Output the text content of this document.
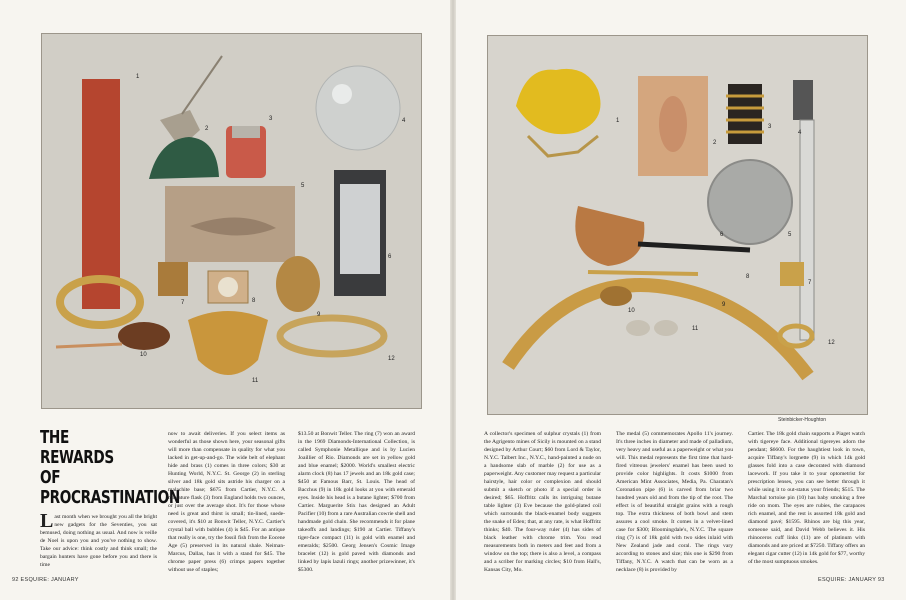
1
2
3	4
5
6
7	8
9
10
11
12
1
2
3
4
5
6
7
8
9
10
11
12
Steinbicker-Houghton
THE REWARDS OF PROCRASTINATION
Last month when we brought you all the bright new gadgets for the Seventies, you sat bemused, doing nothing as usual. And now is veille de Noel is upon you and you've nothing to show. Take our advice: think costly and think small; the bargain hunters have gone before you and there is time
now to await deliveries. If you select items as wonderful as those shown here, your seasonal gifts will more than compensate in quality for what you lacked in get-up-and-go. The wide belt of elephant hide and brass (1) comes in three colors; $30 at Hunting World, N.Y.C. St. George (2) in sterling silver and 18k gold sits astride his charger on a malachite base; $675 from Cartier, N.Y.C. A miniature flask (3) from England holds two ounces, or just over the average shot. It's for those whose need is great and thirst is small; tin-lined, suede-covered, it's $10 at Bonwit Teller, N.Y.C. Cartier's crystal ball with bubbles (4) is $45. For an antique that really is one, try the fossil fish from the Eocene Age (5) preserved in its natural shale. Neiman-Marcus, Dallas, has it with a stand for $45. The chrome paper press (6) crimps papers together without use of staples;
$13.50 at Bonwit Teller. The ring (7) won an award in the 1969 Diamonds-International Collection, is called Symphonie Metallique and is by Lucien Joaillier of Rio. Diamonds are set in yellow gold and blue enamel; $2000. World's smallest electric alarm clock (8) has 17 jewels and an 18k gold case; $450 at Famous Barr, St. Louis. The head of Bacchus (9) in 18k gold looks at you with emerald eyes. Inside his head is a butane lighter; $700 from Cartier. Marguerite Stix has designed an Adult Pacifier (10) from a rare Australian cowrie shell and handmade gold chain. She recommends it for plane takeoffs and landings; $190 at Cartier. Tiffany's tiger-face compact (11) is gold with enamel and emeralds; $2500. Georg Jensen's Cosmic Image bracelet (12) is gold paved with diamonds and linked by lapis lazuli rings; another prizewinner, it's $5300.
A collector's specimen of sulphur crystals (1) from the Agrigento mines of Sicily is mounted on a stand designed by Arthur Court; $60 from Lord & Taylor, N.Y.C. Talbert Inc., N.Y.C., hand-painted a nude on a handsome slab of marble (2) for use as a paperweight. Any customer may request a particular hairstyle, hair color or complexion and should submit a sketch or photo if a special order is desired; $65. Hoffritz calls its intriguing butane table lighter (3) Eve because the gold-plated coil which surrounds the black-enamel body suggests the snake of Eden; that, at any rate, is what Hoffritz thinks; $40. The four-way ruler (4) has sides of black leather with chrome trim. You read measurements both in meters and feet and from a window on the top; there is also a level, a compass and a scriber for marking circles; $10 from Hall's, Kansas City, Mo.
The medal (5) commemorates Apollo 11's journey. It's three inches in diameter and made of palladium, very heavy and useful as a paperweight or what you will. This medal represents the first time that hard-fired vitreous jewelers' enamel has been used to provide color highlights. It costs $1000 from American Mint Associates, Media, Pa. Charatan's Coronation pipe (6) is carved from briar two hundred years old and from the tip of the root. The effect is of beautiful straight grains with a rough top. The extra thickness of both bowl and stem assures a cool smoke. It comes in a velvet-lined case for $300; Bloomingdale's, N.Y.C. The square ring (7) is of 18k gold with two sides inlaid with New Zealand jade and coral. The rings vary according to stones and size; this one is $290 from Tiffany, N.Y.C. A watch that can be worn as a necklace (8) is provided by
Cartier. The 18k gold chain supports a Piaget watch with tigereye face. Additional tigereyes adorn the pendant; $6600. For the haughtiest look in town, acquire Tiffany's lorgnette (9) in which 14k gold glasses fold into a case decorated with diamond lacework. If you take it to your optometrist for prescription lenses, you can see better through it while using it to out-status your friends; $515. The Marchal tortoise pin (10) has baby smoking a free ride on mom. The eyes are rubies, the carapaces rich enamel, and the rest is assorted 18k gold and diamond pavé; $1595. Rhinos are big this year, someone said, and David Webb believes it. His rhinoceros cuff links (11) are of platinum with diamonds and are priced at $7250. Tiffany offers an elegant cigar cutter (12) in 14k gold for $77, worthy of the most sumptuous smokes.
92 ESQUIRE: JANUARY	ESQUIRE: JANUARY 93
